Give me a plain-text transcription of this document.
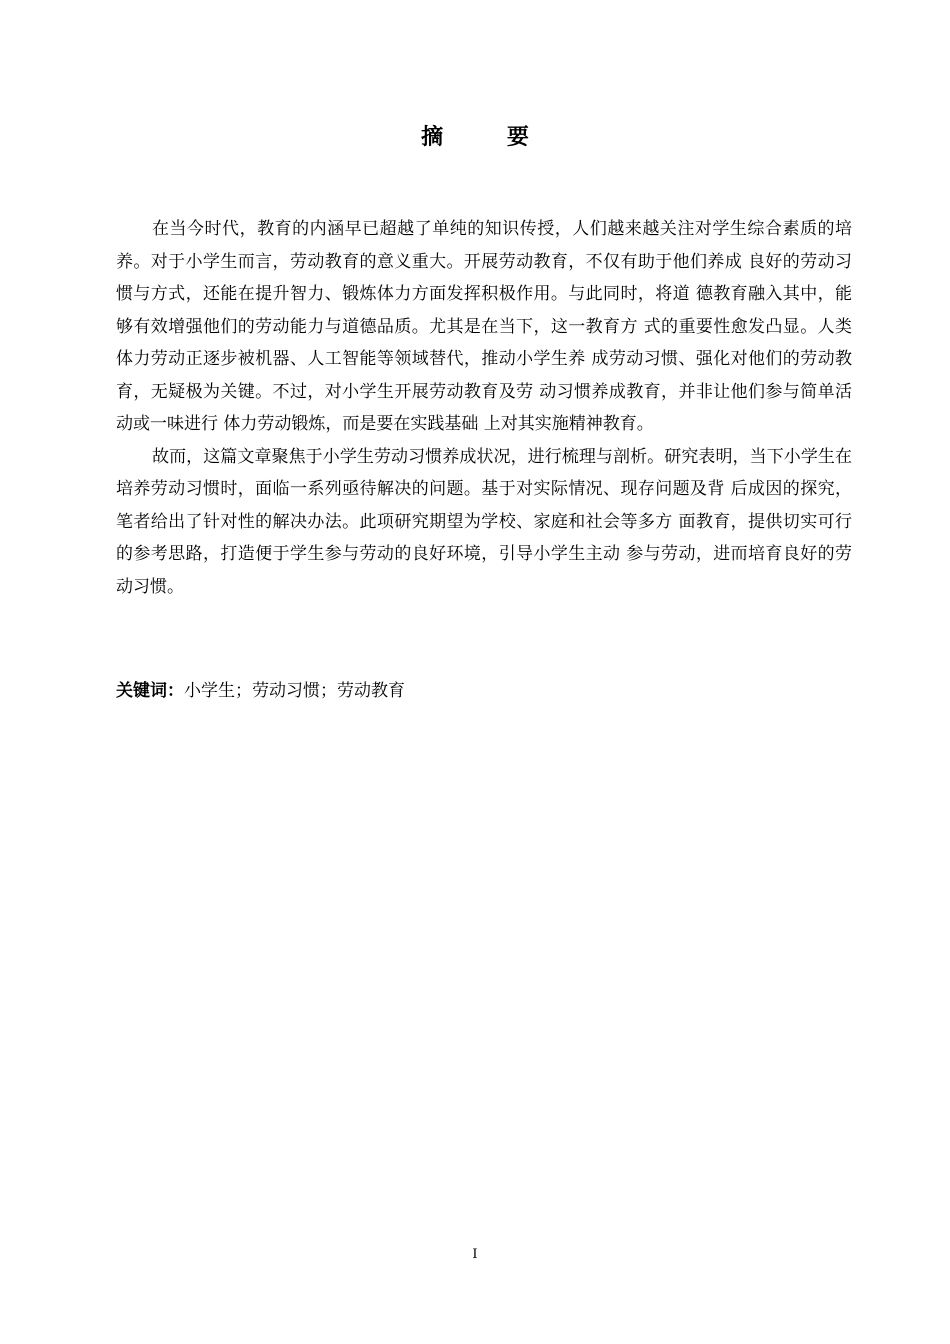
摘 要

在当今时代，教育的内涵早已超越了单纯的知识传授，人们越来越关注对学生综合素质的培养。对于小学生而言，劳动教育的意义重大。开展劳动教育，不仅有助于他们养成 良好的劳动习惯与方式，还能在提升智力、锻炼体力方面发挥积极作用。与此同时，将道 德教育融入其中，能够有效增强他们的劳动能力与道德品质。尤其是在当下，这一教育方 式的重要性愈发凸显。人类体力劳动正逐步被机器、人工智能等领域替代，推动小学生养 成劳动习惯、强化对他们的劳动教育，无疑极为关键。不过，对小学生开展劳动教育及劳 动习惯养成教育，并非让他们参与简单活动或一味进行 体力劳动锻炼，而是要在实践基础 上对其实施精神教育。

故而，这篇文章聚焦于小学生劳动习惯养成状况，进行梳理与剖析。研究表明，当下小学生在培养劳动习惯时，面临一系列亟待解决的问题。基于对实际情况、现存问题及背 后成因的探究，笔者给出了针对性的解决办法。此项研究期望为学校、家庭和社会等多方 面教育，提供切实可行的参考思路，打造便于学生参与劳动的良好环境，引导小学生主动 参与劳动，进而培育良好的劳动习惯。

关键词：小学生；劳动习惯；劳动教育
I
